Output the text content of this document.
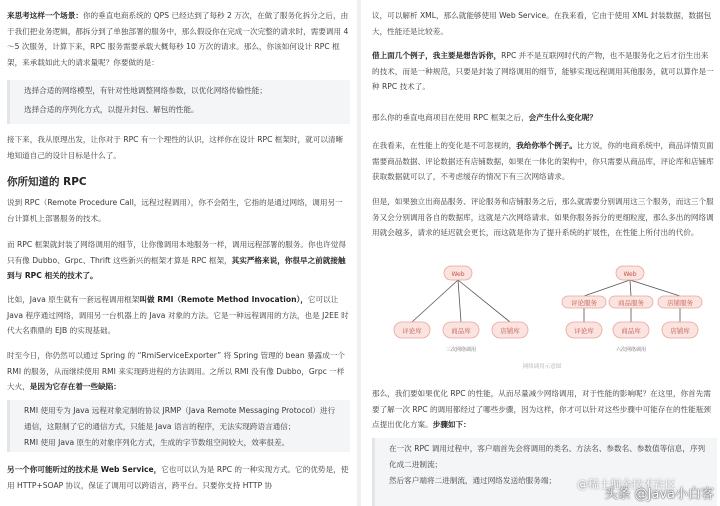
来思考这样一个场景：你的垂直电商系统的 QPS 已经达到了每秒 2 万次，在做了服务化拆分之后，由于我们把业务逻辑，都拆分到了单独部署的服务中，那么假设你在完成一次完整的请求时，需要调用 4～5 次服务，计算下来，RPC 服务需要承载大概每秒 10 万次的请求。那么，你该如何设计 RPC 框架，来承载如此大的请求量呢？你要做的是：

选择合适的网络模型，有针对性地调整网络参数，以优化网络传输性能；

选择合适的序列化方式，以提升封包、解包的性能。

接下来，我从原理出发，让你对于 RPC 有一个理性的认识，这样你在设计 RPC 框架时，就可以清晰地知道自己的设计目标是什么了。

你所知道的 RPC

说到 RPC（Remote Procedure Call，远程过程调用），你不会陌生，它指的是通过网络，调用另一台计算机上部署服务的技术。

而 RPC 框架就封装了网络调用的细节，让你像调用本地服务一样，调用远程部署的服务。你也许觉得只有像 Dubbo、Grpc、Thrift 这些新兴的框架才算是 RPC 框架，其实严格来说，你很早之前就接触到与 RPC 相关的技术了。

比如，Java 原生就有一套远程调用框架叫做 RMI（Remote Method Invocation），它可以让 Java 程序通过网络，调用另一台机器上的 Java 对象的方法。它是一种远程调用的方法，也是 J2EE 时代大名鼎鼎的 EJB 的实现基础。

时至今日，你仍然可以通过 Spring 的 “RmiServiceExporter” 将 Spring 管理的 bean 暴露成一个 RMI 的服务，从而继续使用 RMI 来实现跨进程的方法调用。之所以 RMI 没有像 Dubbo，Grpc 一样大火，是因为它存在着一些缺陷：

RMI 使用专为 Java 远程对象定制的协议 JRMP（Java Remote Messaging Protocol）进行通信，这限制了它的通信方式，只能是 Java 语言的程序，无法实现跨语言通信；

RMI 使用 Java 原生的对象序列化方式，生成的字节数组空间较大，效率很差。

另一个你可能听过的技术是 Web Service，它也可以认为是 RPC 的一种实现方式。它的优势是，使用 HTTP+SOAP 协议，保证了调用可以跨语言，跨平台。只要你支持 HTTP 协

议，可以解析 XML，那么就能够使用 Web Service。在我来看，它由于使用 XML 封装数据，数据包大，性能还是比较差。

借上面几个例子，我主要是想告诉你，RPC 并不是互联网时代的产物，也不是服务化之后才衍生出来的技术，而是一种规范，只要是封装了网络调用的细节，能够实现远程调用其他服务，就可以算作是一种 RPC 技术了。

那么你的垂直电商项目在使用 RPC 框架之后，会产生什么变化呢？

在我看来，在性能上的变化是不可忽视的，我给你举个例子。比方说，你的电商系统中，商品详情页面需要商品数据、评论数据还有店铺数据，如果在一体化的架构中，你只需要从商品库，评论库和店铺库获取数据就可以了，不考虑缓存的情况下有三次网络请求。

但是，如果独立出商品服务、评论服务和店铺服务之后，那么就需要分别调用这三个服务，而这三个服务又会分别调用各自的数据库，这就是六次网络请求。如果你服务拆分的更细粒度，那么多出的网络调用就会越多，请求的延迟就会更长，而这就是你为了提升系统的扩展性，在性能上所付出的代价。

Web
评论库	商品库	店铺库
Web
评论服务	商品服务	店铺服务
评论库	商品库	店铺库
三次网络调用	六次网络调用
网络调用示意图

那么，我们要如果优化 RPC 的性能，从而尽量减少网络调用，对于性能的影响呢？在这里，你首先需要了解一次 RPC 的调用都经过了哪些步骤，因为这样，你才可以针对这些步骤中可能存在的性能瓶颈点提出优化方案。步骤如下：

在一次 RPC 调用过程中，客户端首先会将调用的类名、方法名、参数名、参数值等信息，序列化成二进制流；

然后客户端将二进制流，通过网络发送给服务端；	@稀土掘金技术社区
头条 @Java小白客
